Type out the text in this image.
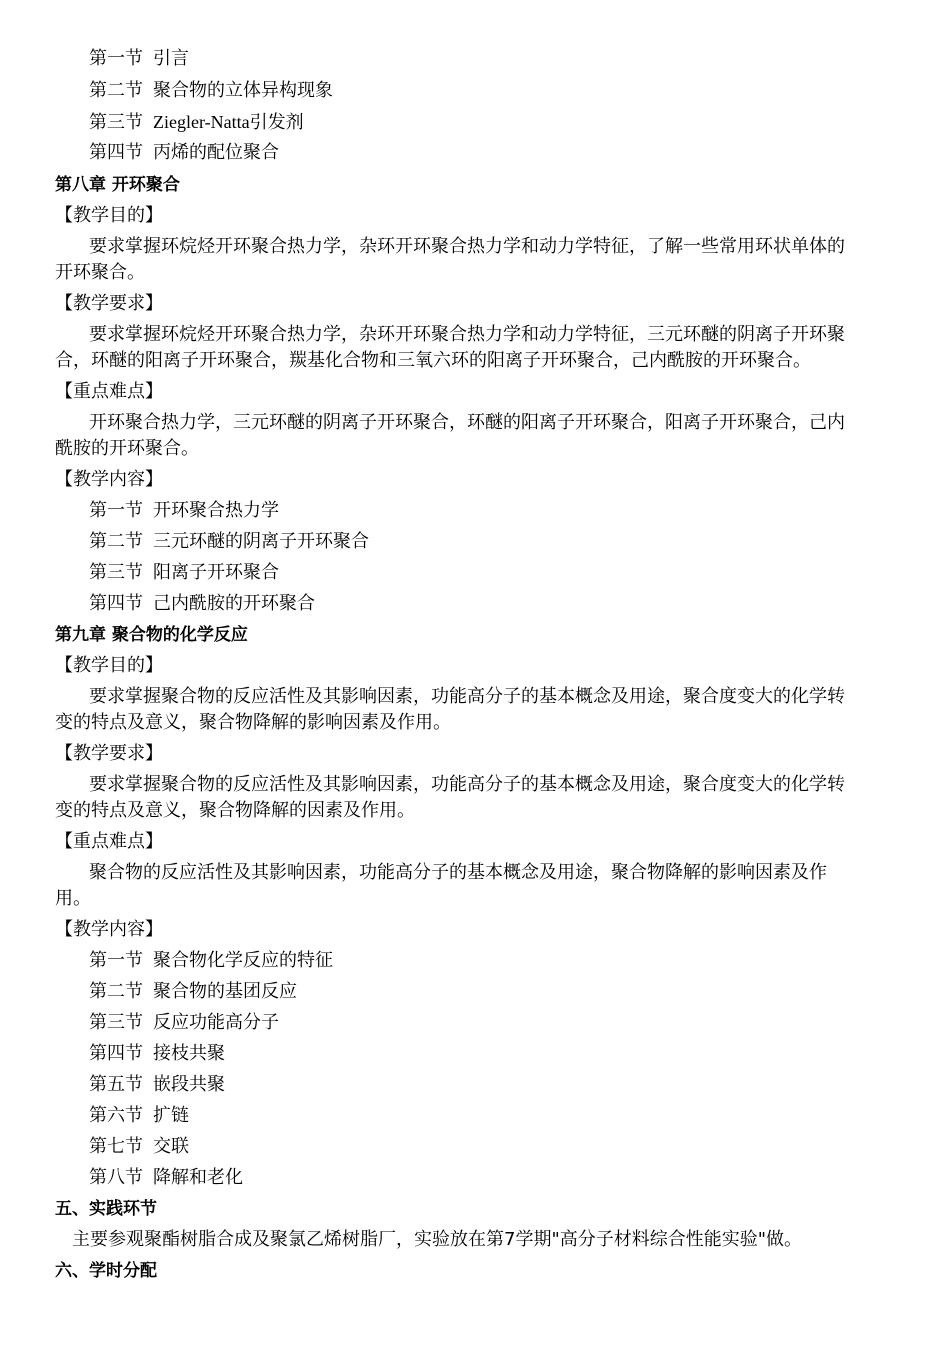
第一节 引言
第二节 聚合物的立体异构现象
第三节 Ziegler-Natta引发剂
第四节 丙烯的配位聚合
第八章 开环聚合
【教学目的】
要求掌握环烷烃开环聚合热力学，杂环开环聚合热力学和动力学特征，了解一些常用环状单体的
开环聚合。
【教学要求】
要求掌握环烷烃开环聚合热力学，杂环开环聚合热力学和动力学特征，三元环醚的阴离子开环聚
合，环醚的阳离子开环聚合，羰基化合物和三氧六环的阳离子开环聚合，己内酰胺的开环聚合。
【重点难点】
开环聚合热力学，三元环醚的阴离子开环聚合，环醚的阳离子开环聚合，阳离子开环聚合，己内
酰胺的开环聚合。
【教学内容】
第一节 开环聚合热力学
第二节 三元环醚的阴离子开环聚合
第三节 阳离子开环聚合
第四节 己内酰胺的开环聚合
第九章 聚合物的化学反应
【教学目的】
要求掌握聚合物的反应活性及其影响因素，功能高分子的基本概念及用途，聚合度变大的化学转
变的特点及意义，聚合物降解的影响因素及作用。
【教学要求】
要求掌握聚合物的反应活性及其影响因素，功能高分子的基本概念及用途，聚合度变大的化学转
变的特点及意义，聚合物降解的因素及作用。
【重点难点】
聚合物的反应活性及其影响因素，功能高分子的基本概念及用途，聚合物降解的影响因素及作
用。
【教学内容】
第一节 聚合物化学反应的特征
第二节 聚合物的基团反应
第三节 反应功能高分子
第四节 接枝共聚
第五节 嵌段共聚
第六节 扩链
第七节 交联
第八节 降解和老化
五、实践环节
主要参观聚酯树脂合成及聚氯乙烯树脂厂，实验放在第7学期"高分子材料综合性能实验"做。
六、学时分配
